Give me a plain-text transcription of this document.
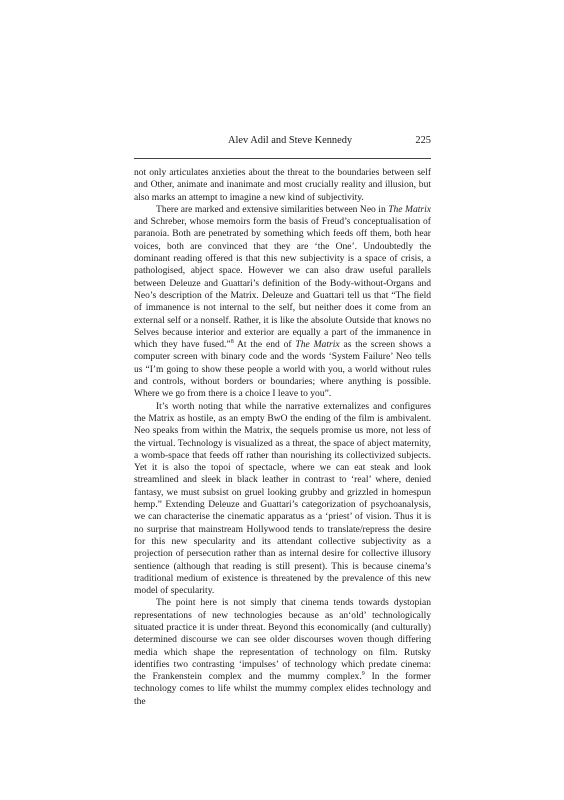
Alev Adil and Steve Kennedy	225

not only articulates anxieties about the threat to the boundaries between self and Other, animate and inanimate and most crucially reality and illusion, but also marks an attempt to imagine a new kind of subjectivity.

There are marked and extensive similarities between Neo in The Matrix and Schreber, whose memoirs form the basis of Freud’s conceptualisation of paranoia. Both are penetrated by something which feeds off them, both hear voices, both are convinced that they are ‘the One’. Undoubtedly the dominant reading offered is that this new subjectivity is a space of crisis, a pathologised, abject space. However we can also draw useful parallels between Deleuze and Guattari’s definition of the Body-without-Organs and Neo’s description of the Matrix. Deleuze and Guattari tell us that “The field of immanence is not internal to the self, but neither does it come from an external self or a nonself. Rather, it is like the absolute Outside that knows no Selves because interior and exterior are equally a part of the immanence in which they have fused.”$^8$ At the end of The Matrix as the screen shows a computer screen with binary code and the words ‘System Failure’ Neo tells us “I’m going to show these people a world with you, a world without rules and controls, without borders or boundaries; where anything is possible. Where we go from there is a choice I leave to you”.

It’s worth noting that while the narrative externalizes and configures the Matrix as hostile, as an empty BwO the ending of the film is ambivalent. Neo speaks from within the Matrix, the sequels promise us more, not less of the virtual. Technology is visualized as a threat, the space of abject maternity, a womb-space that feeds off rather than nourishing its collectivized subjects. Yet it is also the topoi of spectacle, where we can eat steak and look streamlined and sleek in black leather in contrast to ‘real’ where, denied fantasy, we must subsist on gruel looking grubby and grizzled in homespun hemp.” Extending Deleuze and Guattari’s categorization of psychoanalysis, we can characterise the cinematic apparatus as a ‘priest’ of vision. Thus it is no surprise that mainstream Hollywood tends to translate/repress the desire for this new specularity and its attendant collective subjectivity as a projection of persecution rather than as internal desire for collective illusory sentience (although that reading is still present). This is because cinema’s traditional medium of existence is threatened by the prevalence of this new model of specularity.

The point here is not simply that cinema tends towards dystopian representations of new technologies because as an‘old’ technologically situated practice it is under threat. Beyond this economically (and culturally) determined discourse we can see older discourses woven though differing media which shape the representation of technology on film. Rutsky identifies two contrasting ‘impulses’ of technology which predate cinema: the Frankenstein complex and the mummy complex.$^9$ In the former technology comes to life whilst the mummy complex elides technology and the
